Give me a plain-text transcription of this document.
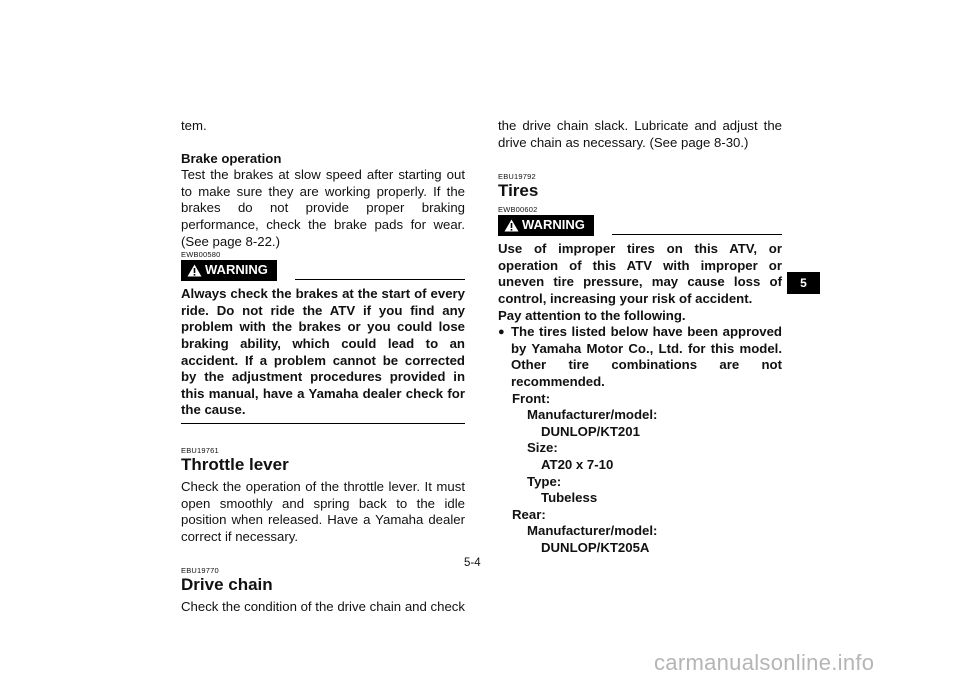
tem.

Brake operation

Test the brakes at slow speed after starting out to make sure they are working properly. If the brakes do not provide proper braking performance, check the brake pads for wear. (See page 8-22.)

EWB00580

WARNING

Always check the brakes at the start of every ride. Do not ride the ATV if you find any problem with the brakes or you could lose braking ability, which could lead to an accident. If a problem cannot be corrected by the adjustment procedures provided in this manual, have a Yamaha dealer check for the cause.

EBU19761

Throttle lever

Check the operation of the throttle lever. It must open smoothly and spring back to the idle position when released. Have a Yamaha dealer correct if necessary.

EBU19770

Drive chain

Check the condition of the drive chain and check

the drive chain slack. Lubricate and adjust the drive chain as necessary. (See page 8-30.)

EBU19792

Tires

EWB00602

WARNING

Use of improper tires on this ATV, or operation of this ATV with improper or uneven tire pressure, may cause loss of control, increasing your risk of accident.

Pay attention to the following.

● The tires listed below have been approved by Yamaha Motor Co., Ltd. for this model. Other tire combinations are not recommended.
Front:
Manufacturer/model:
DUNLOP/KT201
Size:
AT20 x 7-10
Type:
Tubeless
Rear:
Manufacturer/model:
DUNLOP/KT205A
5-4
5
carmanualsonline.info
